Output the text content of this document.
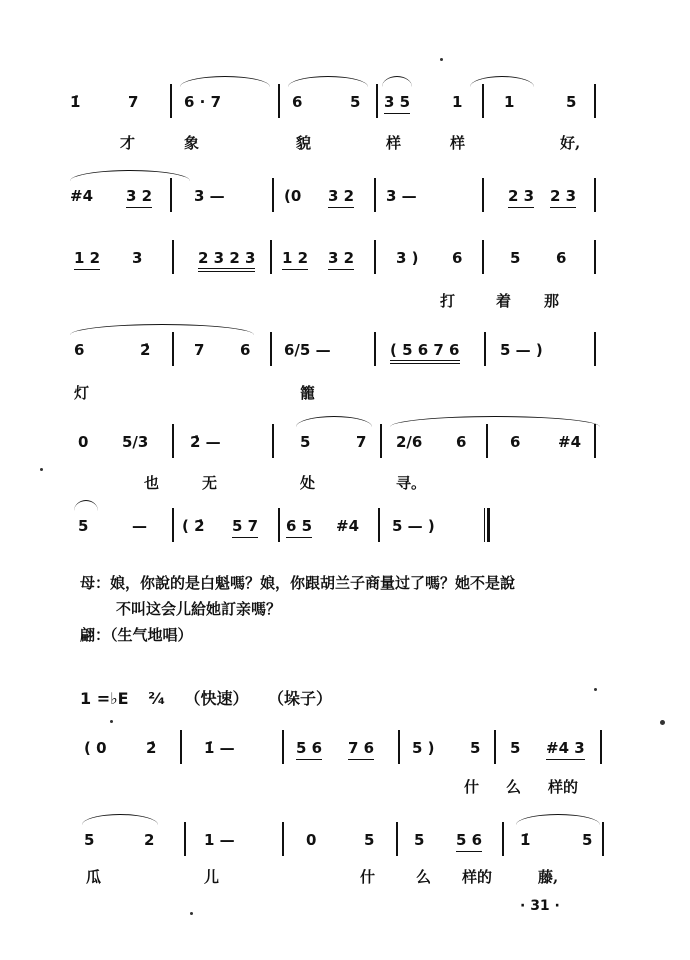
1̇	7	6 · 7	6	5 3 5	1	1	5
才	象	貌	样	样	好,
#4 3 2	3 —	(0 3 2 3 —	2 3 2 3
1 2 3	2 3 2 3 1 2 3 2	3 ) 6	5 6
打	着 那
6	2̇	7 6 6/5 —	( 5 6 7 6	5 — )
灯	籠
0 5/3	2̇ —	5	7 2/6 6	6	#4
也	无	处	寻。
5	— ( 2̇ 5 7 6 5 #4 5 — )
母：娘，你說的是白魁嗎？娘，你跟胡兰子商量过了嗎？她不是說
不叫这会儿給她訂亲嗎？
翩：（生气地唱）
1 =♭E ²⁄₄ （快速） （垛子）
( 0	2̇	1̇ —	5 6 7 6	5 ) 5 5 #4 3
什 么 样的
5	2	1 —	0	5	5 5 6	1̇	5
瓜	儿	什	么 样的	藤,
· 31 ·
